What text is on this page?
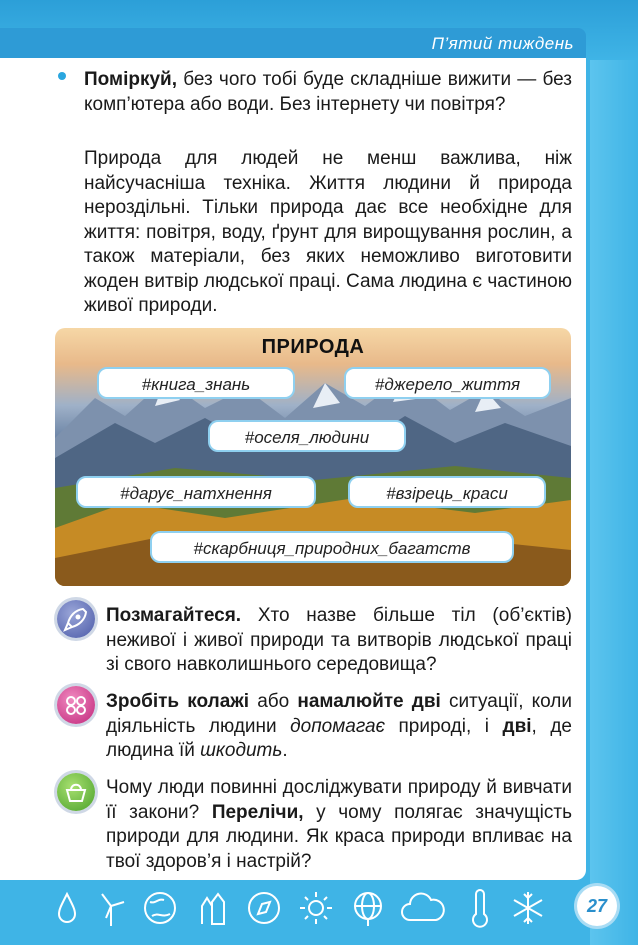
П’ятий тиждень
Поміркуй, без чого тобі буде складніше вижити — без комп’ютера або води. Без інтернету чи повітря?
Природа для людей не менш важлива, ніж найсучасніша техніка. Життя людини й природа нероздільні. Тільки природа дає все необхідне для життя: повітря, воду, ґрунт для вирощування рослин, а також матеріали, без яких неможливо виготовити жоден витвір людської праці. Сама людина є частиною живої природи.
ПРИРОДА
#книга_знань	#джерело_життя
#оселя_людини
#дарує_натхнення	#взірець_краси
#скарбниця_природних_багатств
Позмагайтеся. Хто назве більше тіл (об’єктів) неживої і живої природи та витворів людської праці зі свого навколишнього середовища?
Зробіть колажі або намалюйте дві ситуації, коли діяльність людини допомагає природі, і дві, де людина їй шкодить.
Чому люди повинні досліджувати природу й вивчати її закони? Перелічи, у чому полягає значущість природи для людини. Як краса природи впливає на твої здоров’я і настрій?
27
